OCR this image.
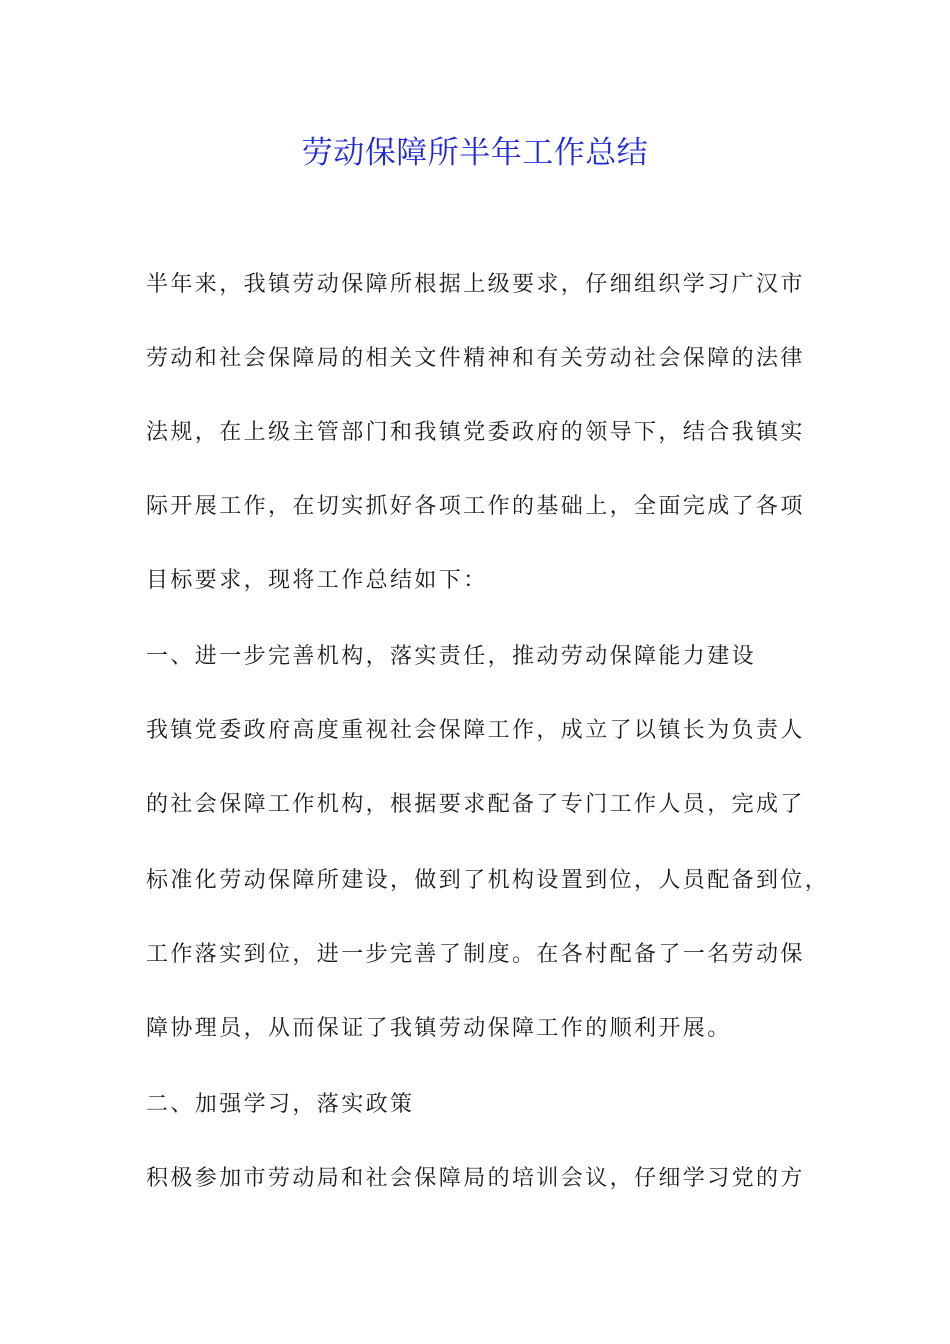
劳动保障所半年工作总结
半年来，我镇劳动保障所根据上级要求，仔细组织学习广汉市
劳动和社会保障局的相关文件精神和有关劳动社会保障的法律
法规，在上级主管部门和我镇党委政府的领导下，结合我镇实
际开展工作，在切实抓好各项工作的基础上，全面完成了各项
目标要求，现将工作总结如下：
一、进一步完善机构，落实责任，推动劳动保障能力建设
我镇党委政府高度重视社会保障工作，成立了以镇长为负责人
的社会保障工作机构，根据要求配备了专门工作人员，完成了
标准化劳动保障所建设，做到了机构设置到位，人员配备到位，
工作落实到位，进一步完善了制度。在各村配备了一名劳动保
障协理员，从而保证了我镇劳动保障工作的顺利开展。
二、加强学习，落实政策
积极参加市劳动局和社会保障局的培训会议，仔细学习党的方
